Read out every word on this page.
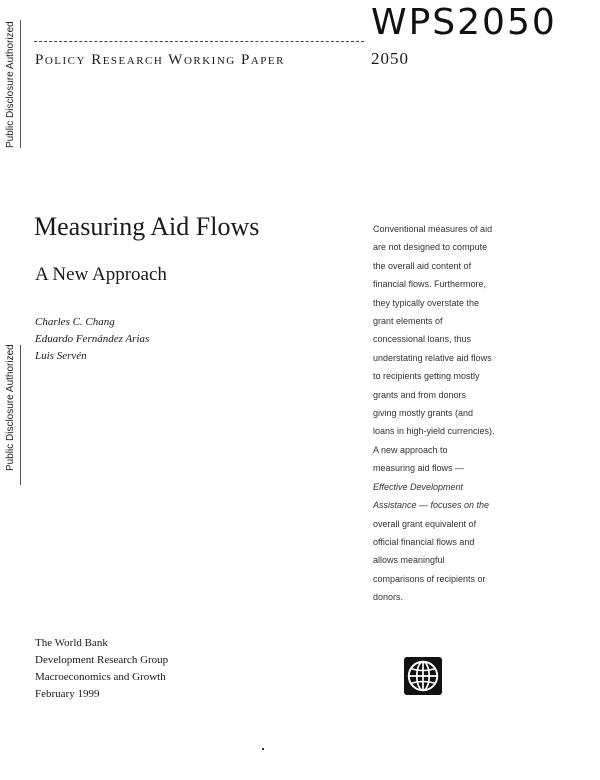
WPS2050
Public Disclosure Authorized
Public Disclosure Authorized
Policy Research Working Paper	2050
Measuring Aid Flows
A New Approach
Charles C. Chang
Eduardo Fernández Arias
Luis Servén
Conventional measures of aid
are not designed to compute
the overall aid content of
financial flows. Furthermore,
they typically overstate the
grant elements of
concessional loans, thus
understating relative aid flows
to recipients getting mostly
grants and from donors
giving mostly grants (and
loans in high-yield currencies).
A new approach to
measuring aid flows —
Effective Development
Assistance — focuses on the
overall grant equivalent of
official financial flows and
allows meaningful
comparisons of recipients or
donors.
The World Bank
Development Research Group
Macroeconomics and Growth
February 1999
